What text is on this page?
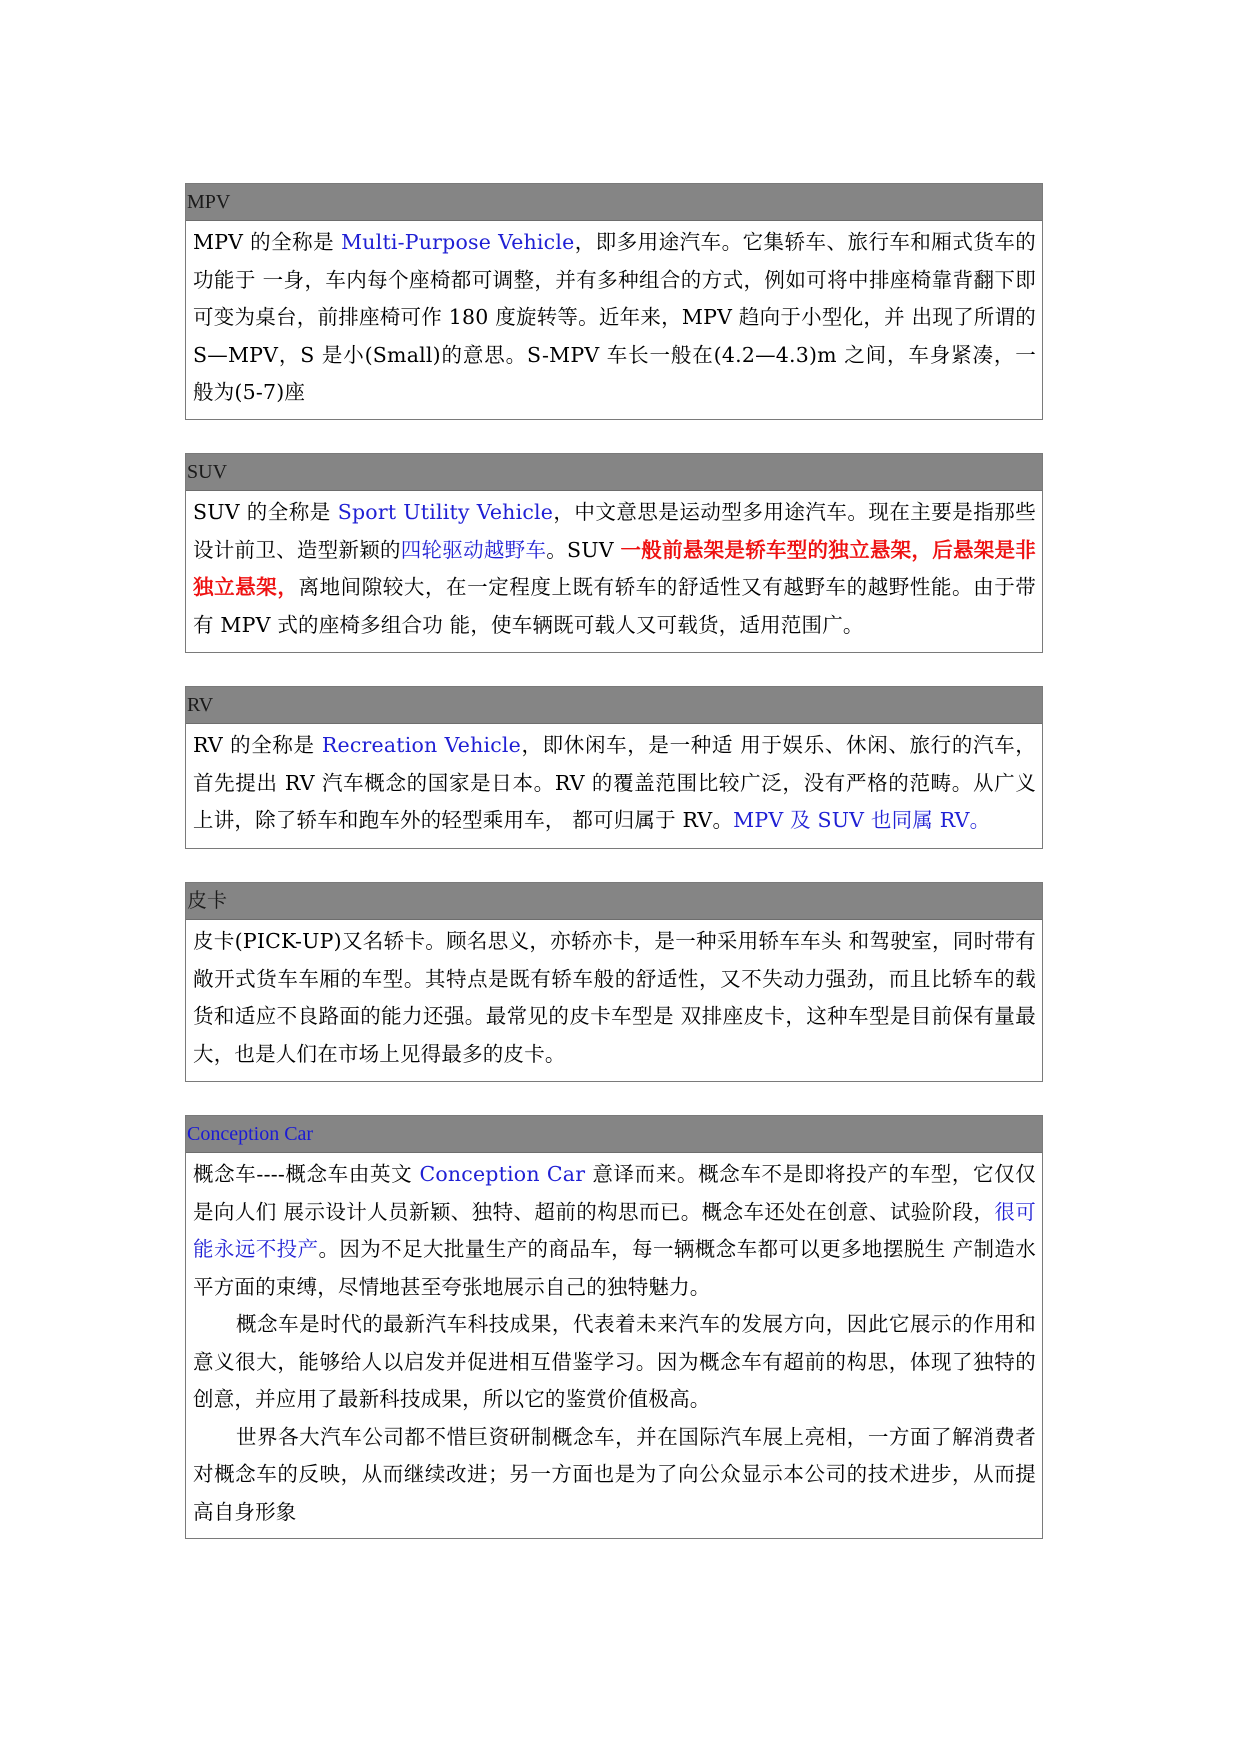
MPV

MPV 的全称是 Multi-Purpose Vehicle，即多用途汽车。它集轿车、旅行车和厢式货车的功能于 一身，车内每个座椅都可调整，并有多种组合的方式，例如可将中排座椅靠背翻下即可变为桌台，前排座椅可作 180 度旋转等。近年来，MPV 趋向于小型化，并 出现了所谓的 S—MPV，S 是小(Small)的意思。S-MPV 车长一般在(4.2—4.3)m 之间，车身紧凑，一般为(5-7)座

SUV

SUV 的全称是 Sport Utility Vehicle，中文意思是运动型多用途汽车。现在主要是指那些设计前卫、造型新颖的四轮驱动越野车。SUV 一般前悬架是轿车型的独立悬架，后悬架是非独立悬架，离地间隙较大，在一定程度上既有轿车的舒适性又有越野车的越野性能。由于带有 MPV 式的座椅多组合功 能，使车辆既可载人又可载货，适用范围广。

RV

RV 的全称是 Recreation Vehicle，即休闲车，是一种适 用于娱乐、休闲、旅行的汽车，首先提出 RV 汽车概念的国家是日本。RV 的覆盖范围比较广泛，没有严格的范畴。从广义上讲，除了轿车和跑车外的轻型乘用车， 都可归属于 RV。MPV 及 SUV 也同属 RV。

皮卡

皮卡(PICK-UP)又名轿卡。顾名思义，亦轿亦卡，是一种采用轿车车头 和驾驶室，同时带有敞开式货车车厢的车型。其特点是既有轿车般的舒适性，又不失动力强劲，而且比轿车的载货和适应不良路面的能力还强。最常见的皮卡车型是 双排座皮卡，这种车型是目前保有量最大，也是人们在市场上见得最多的皮卡。

Conception Car

概念车----概念车由英文 Conception Car 意译而来。概念车不是即将投产的车型，它仅仅是向人们 展示设计人员新颖、独特、超前的构思而已。概念车还处在创意、试验阶段，很可能永远不投产。因为不足大批量生产的商品车，每一辆概念车都可以更多地摆脱生 产制造水平方面的束缚，尽情地甚至夸张地展示自己的独特魅力。

概念车是时代的最新汽车科技成果，代表着未来汽车的发展方向，因此它展示的作用和意义很大，能够给人以启发并促进相互借鉴学习。因为概念车有超前的构思，体现了独特的创意，并应用了最新科技成果，所以它的鉴赏价值极高。

世界各大汽车公司都不惜巨资研制概念车，并在国际汽车展上亮相，一方面了解消费者对概念车的反映，从而继续改进；另一方面也是为了向公众显示本公司的技术进步，从而提高自身形象
